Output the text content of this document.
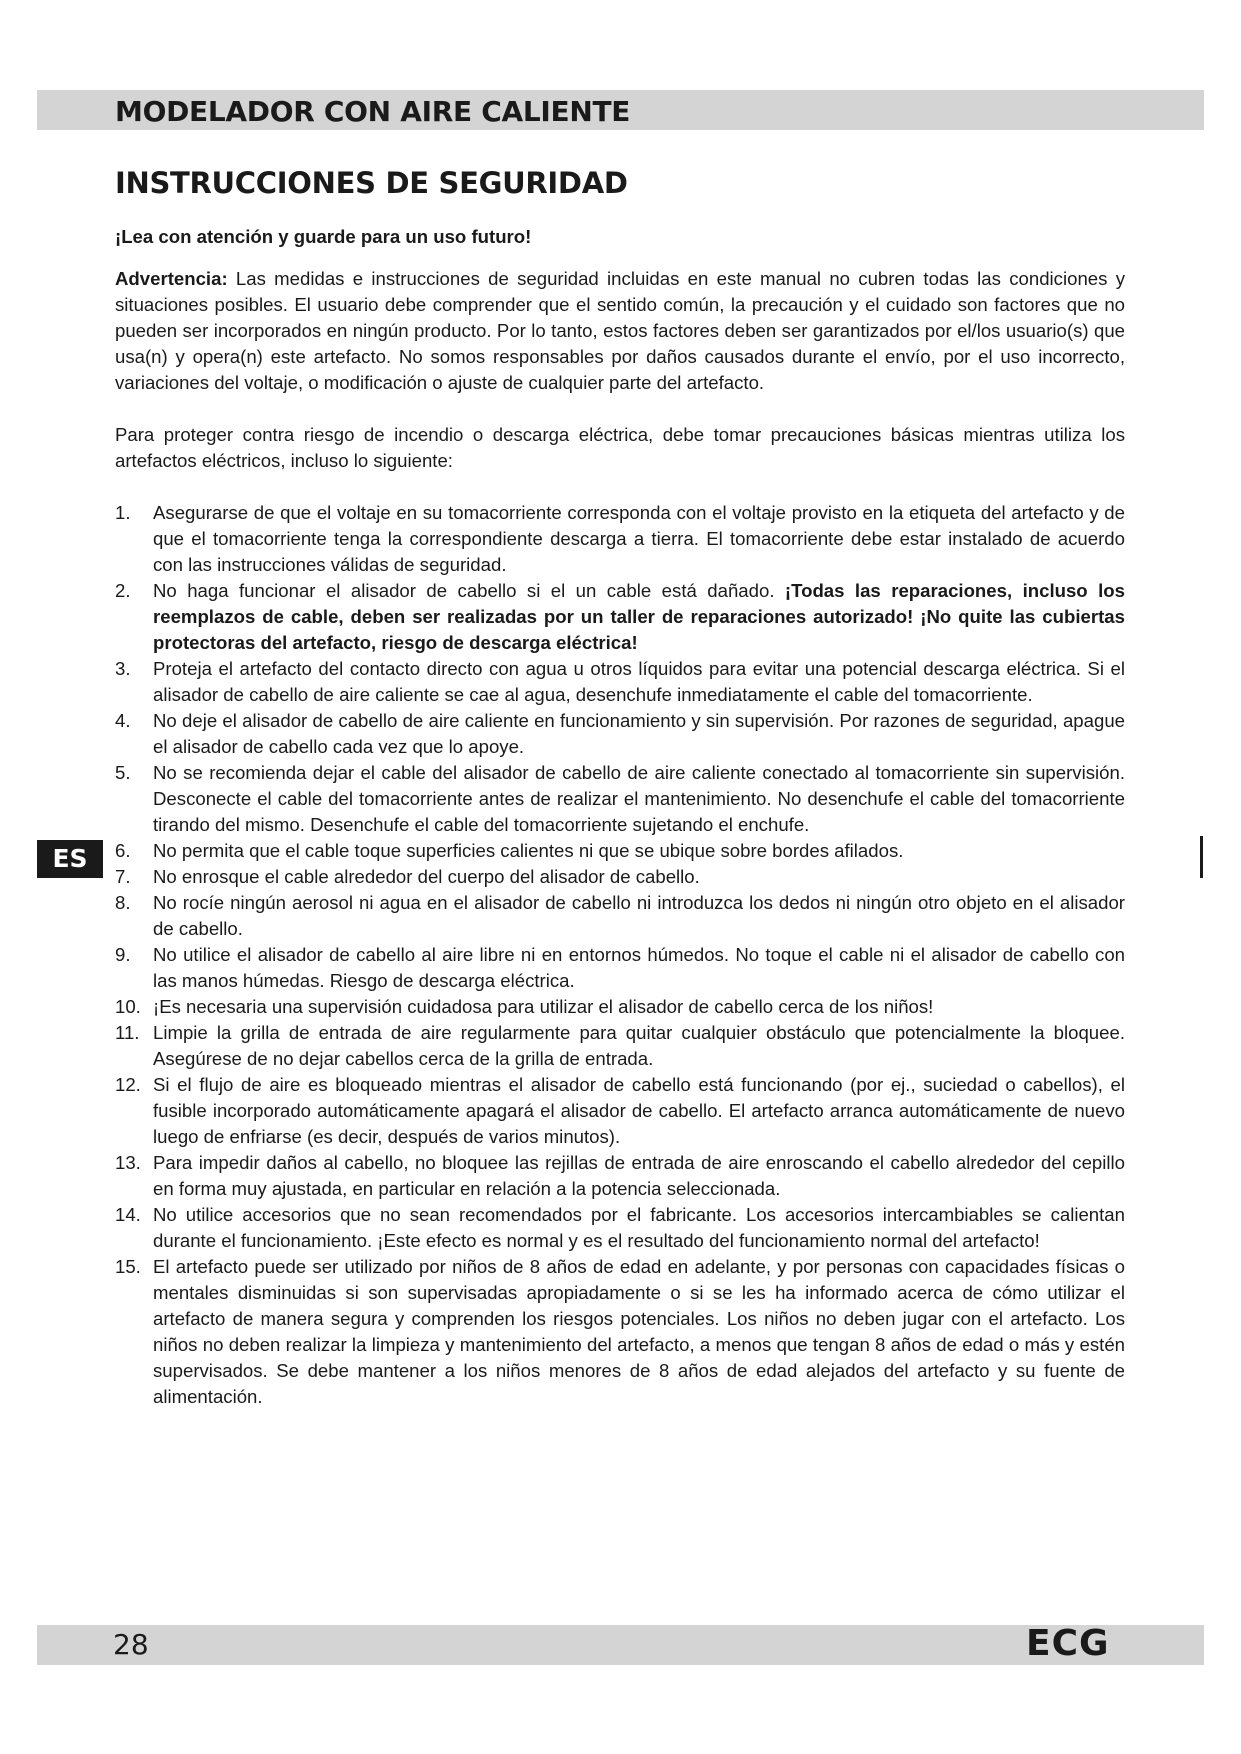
MODELADOR CON AIRE CALIENTE
INSTRUCCIONES DE SEGURIDAD

¡Lea con atención y guarde para un uso futuro!

Advertencia: Las medidas e instrucciones de seguridad incluidas en este manual no cubren todas las condiciones y situaciones posibles. El usuario debe comprender que el sentido común, la precaución y el cuidado son factores que no pueden ser incorporados en ningún producto. Por lo tanto, estos factores deben ser garantizados por el/los usuario(s) que usa(n) y opera(n) este artefacto. No somos responsables por daños causados durante el envío, por el uso incorrecto, variaciones del voltaje, o modificación o ajuste de cualquier parte del artefacto.

Para proteger contra riesgo de incendio o descarga eléctrica, debe tomar precauciones básicas mientras utiliza los artefactos eléctricos, incluso lo siguiente:

1. Asegurarse de que el voltaje en su tomacorriente corresponda con el voltaje provisto en la etiqueta del artefacto y de que el tomacorriente tenga la correspondiente descarga a tierra. El tomacorriente debe estar instalado de acuerdo con las instrucciones válidas de seguridad.
2. No haga funcionar el alisador de cabello si el un cable está dañado. ¡Todas las reparaciones, incluso los reemplazos de cable, deben ser realizadas por un taller de reparaciones autorizado! ¡No quite las cubiertas protectoras del artefacto, riesgo de descarga eléctrica!
3. Proteja el artefacto del contacto directo con agua u otros líquidos para evitar una potencial descarga eléctrica. Si el alisador de cabello de aire caliente se cae al agua, desenchufe inmediatamente el cable del tomacorriente.
4. No deje el alisador de cabello de aire caliente en funcionamiento y sin supervisión. Por razones de seguridad, apague el alisador de cabello cada vez que lo apoye.
5. No se recomienda dejar el cable del alisador de cabello de aire caliente conectado al tomacorriente sin supervisión. Desconecte el cable del tomacorriente antes de realizar el mantenimiento. No desenchufe el cable del tomacorriente tirando del mismo. Desenchufe el cable del tomacorriente sujetando el enchufe.
6. No permita que el cable toque superficies calientes ni que se ubique sobre bordes afilados.
7. No enrosque el cable alrededor del cuerpo del alisador de cabello.
8. No rocíe ningún aerosol ni agua en el alisador de cabello ni introduzca los dedos ni ningún otro objeto en el alisador de cabello.
9. No utilice el alisador de cabello al aire libre ni en entornos húmedos. No toque el cable ni el alisador de cabello con las manos húmedas. Riesgo de descarga eléctrica.
10. ¡Es necesaria una supervisión cuidadosa para utilizar el alisador de cabello cerca de los niños!
11. Limpie la grilla de entrada de aire regularmente para quitar cualquier obstáculo que potencialmente la bloquee. Asegúrese de no dejar cabellos cerca de la grilla de entrada.
12. Si el flujo de aire es bloqueado mientras el alisador de cabello está funcionando (por ej., suciedad o cabellos), el fusible incorporado automáticamente apagará el alisador de cabello. El artefacto arranca automáticamente de nuevo luego de enfriarse (es decir, después de varios minutos).
13. Para impedir daños al cabello, no bloquee las rejillas de entrada de aire enroscando el cabello alrededor del cepillo en forma muy ajustada, en particular en relación a la potencia seleccionada.
14. No utilice accesorios que no sean recomendados por el fabricante. Los accesorios intercambiables se calientan durante el funcionamiento. ¡Este efecto es normal y es el resultado del funcionamiento normal del artefacto!
15. El artefacto puede ser utilizado por niños de 8 años de edad en adelante, y por personas con capacidades físicas o mentales disminuidas si son supervisadas apropiadamente o si se les ha informado acerca de cómo utilizar el artefacto de manera segura y comprenden los riesgos potenciales. Los niños no deben jugar con el artefacto. Los niños no deben realizar la limpieza y mantenimiento del artefacto, a menos que tengan 8 años de edad o más y estén supervisados. Se debe mantener a los niños menores de 8 años de edad alejados del artefacto y su fuente de alimentación.
ES
28	ECG
